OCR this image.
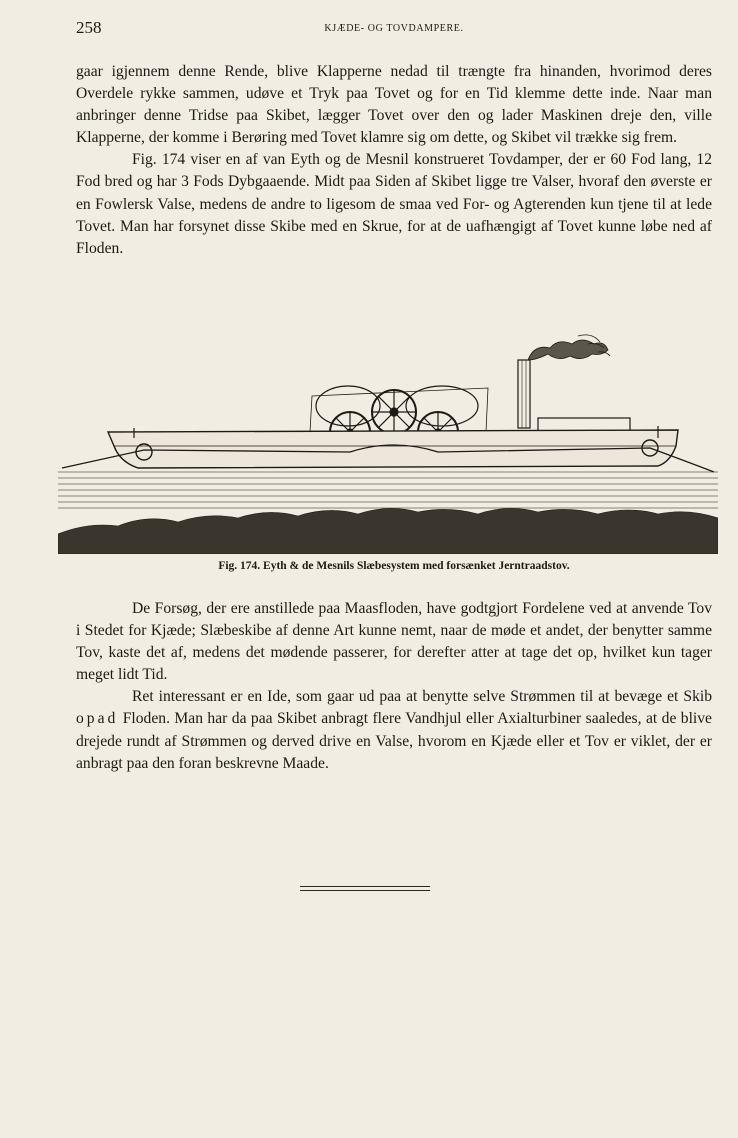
258	KJÆDE- OG TOVDAMPERE.

gaar igjennem denne Rende, blive Klapperne nedad til trængte fra hinanden, hvorimod deres Overdele rykke sammen, udøve et Tryk paa Tovet og for en Tid klemme dette inde. Naar man anbringer denne Tridse paa Skibet, lægger Tovet over den og lader Maskinen dreje den, ville Klapperne, der komme i Berøring med Tovet klamre sig om dette, og Skibet vil trække sig frem.

Fig. 174 viser en af van Eyth og de Mesnil konstrueret Tovdamper, der er 60 Fod lang, 12 Fod bred og har 3 Fods Dybgaaende. Midt paa Siden af Skibet ligge tre Valser, hvoraf den øverste er en Fowlersk Valse, medens de andre to ligesom de smaa ved For- og Agterenden kun tjene til at lede Tovet. Man har forsynet disse Skibe med en Skrue, for at de uafhængigt af Tovet kunne løbe ned af Floden.

Fig. 174. Eyth & de Mesnils Slæbesystem med forsænket Jerntraadstov.

De Forsøg, der ere anstillede paa Maasfloden, have godtgjort Fordelene ved at anvende Tov i Stedet for Kjæde; Slæbeskibe af denne Art kunne nemt, naar de møde et andet, der benytter samme Tov, kaste det af, medens det mødende passerer, for derefter atter at tage det op, hvilket kun tager meget lidt Tid.

Ret interessant er en Ide, som gaar ud paa at benytte selve Strømmen til at bevæge et Skib opad Floden. Man har da paa Skibet anbragt flere Vandhjul eller Axialturbiner saaledes, at de blive drejede rundt af Strømmen og derved drive en Valse, hvorom en Kjæde eller et Tov er viklet, der er anbragt paa den foran beskrevne Maade.
